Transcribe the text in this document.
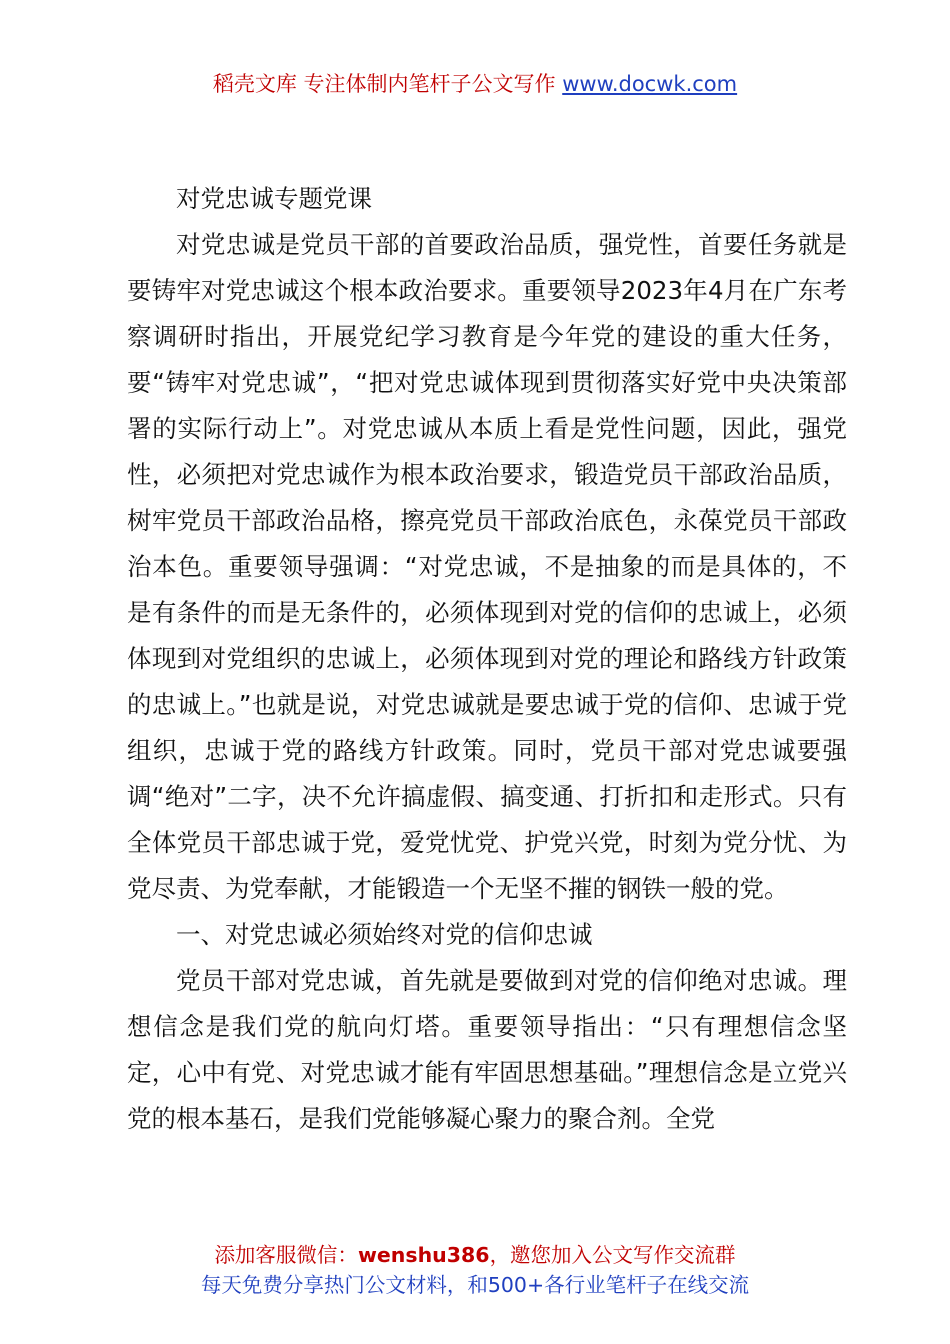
稻壳文库 专注体制内笔杆子公文写作 www.docwk.com

对党忠诚专题党课

对党忠诚是党员干部的首要政治品质，强党性，首要任务就是要铸牢对党忠诚这个根本政治要求。重要领导2023年4月在广东考察调研时指出，开展党纪学习教育是今年党的建设的重大任务，要“铸牢对党忠诚”，“把对党忠诚体现到贯彻落实好党中央决策部署的实际行动上”。对党忠诚从本质上看是党性问题，因此，强党性，必须把对党忠诚作为根本政治要求，锻造党员干部政治品质，树牢党员干部政治品格，擦亮党员干部政治底色，永葆党员干部政治本色。重要领导强调：“对党忠诚，不是抽象的而是具体的，不是有条件的而是无条件的，必须体现到对党的信仰的忠诚上，必须体现到对党组织的忠诚上，必须体现到对党的理论和路线方针政策的忠诚上。”也就是说，对党忠诚就是要忠诚于党的信仰、忠诚于党组织，忠诚于党的路线方针政策。同时，党员干部对党忠诚要强调“绝对”二字，决不允许搞虚假、搞变通、打折扣和走形式。只有全体党员干部忠诚于党，爱党忧党、护党兴党，时刻为党分忧、为党尽责、为党奉献，才能锻造一个无坚不摧的钢铁一般的党。

一、对党忠诚必须始终对党的信仰忠诚

党员干部对党忠诚，首先就是要做到对党的信仰绝对忠诚。理想信念是我们党的航向灯塔。重要领导指出：“只有理想信念坚定，心中有党、对党忠诚才能有牢固思想基础。”理想信念是立党兴党的根本基石，是我们党能够凝心聚力的聚合剂。全党

添加客服微信：wenshu386，邀您加入公文写作交流群
每天免费分享热门公文材料，和500+各行业笔杆子在线交流
